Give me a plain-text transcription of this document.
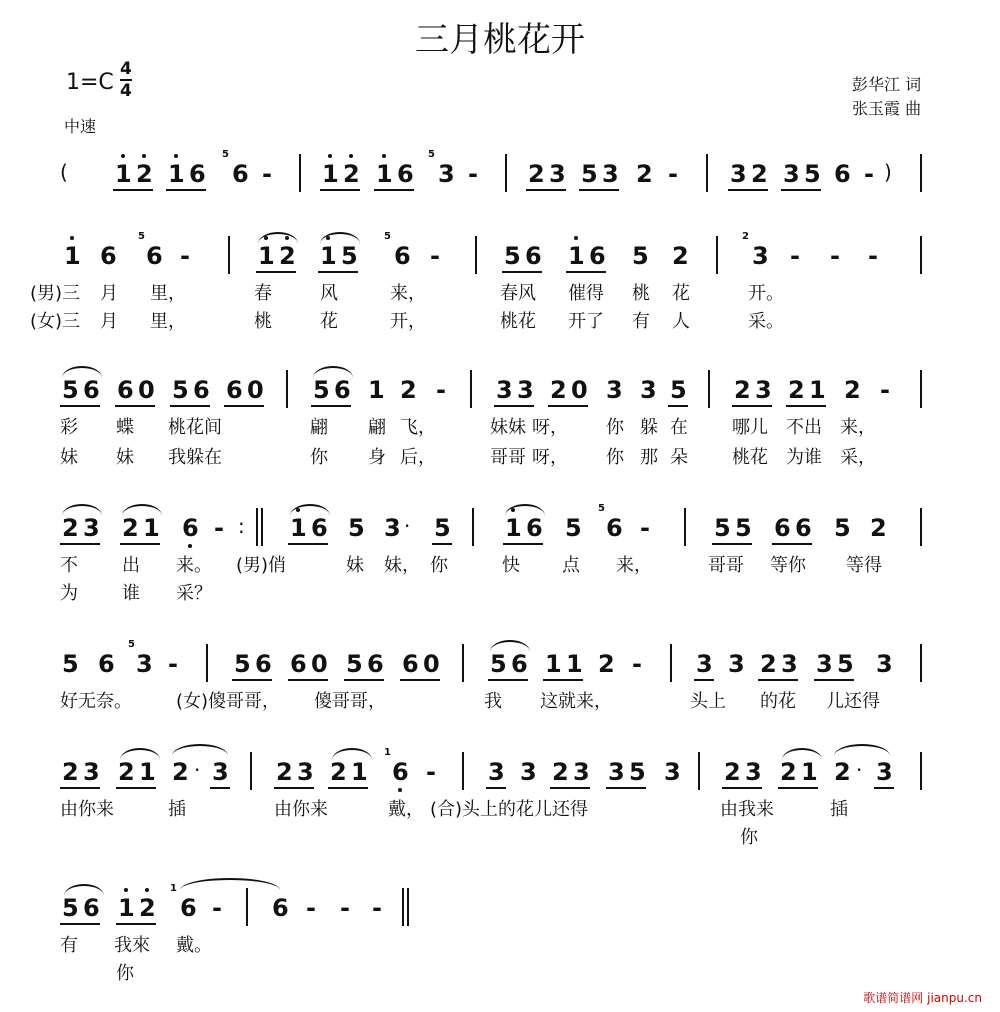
三月桃花开
1=C
4
4
中速
彭华江 词
张玉霞 曲
( 1 2 1 6
5
6 - 1 2 1 6
5
3 - 2 3 5 3 2 - 3 2 3 5 6 - )
1 6
5
6 -	1 2 1 5
5
6 -	5 6 1 6 5 2
2
3 - - -
5 6 6 0 5 6 6 0 5 6 1 2 - 3 3 2 0 3 3 5 2 3 2 1 2 -
2 3 2 1 6 - : 1 6 5 3 · 5 1 6 5
5
6 -	5 5 6 6 5 2
5 6
5
3 - 5 6 6 0 5 6 6 0 5 6 1 1 2 - 3 3 2 3 3 5 3
2 3 2 1 2 · 3 2 3 2 1
1
6 - 3 3 2 3 3 5 3 2 3 2 1 2 · 3
5 6 1 2
1
6 - 6 - - -
(男)三 月 里，	春	风	来，	春风 催得 桃 花	开。
(女)三 月 里，	桃	花	开，	桃花 开了 有 人	采。
彩 蝶 桃花间	翩 翩 飞，	妹妹 呀， 你 躲 在 哪儿 不出 来，
妹 妹 我躲在	你 身 后，	哥哥 呀， 你 那 朵 桃花 为谁 采，
不 出 来。 (男)俏	妹 妹， 你	快 点 来，	哥哥 等你 等得
为 谁 采？
好无奈。 (女)傻哥哥， 傻哥哥，	我 这就来，	头上 的花 儿还得
由你来	插	由你来	戴， (合)头上的花儿还得	由我来	插
你
有 我來 戴。
你
歌谱简谱网 jianpu.cn
